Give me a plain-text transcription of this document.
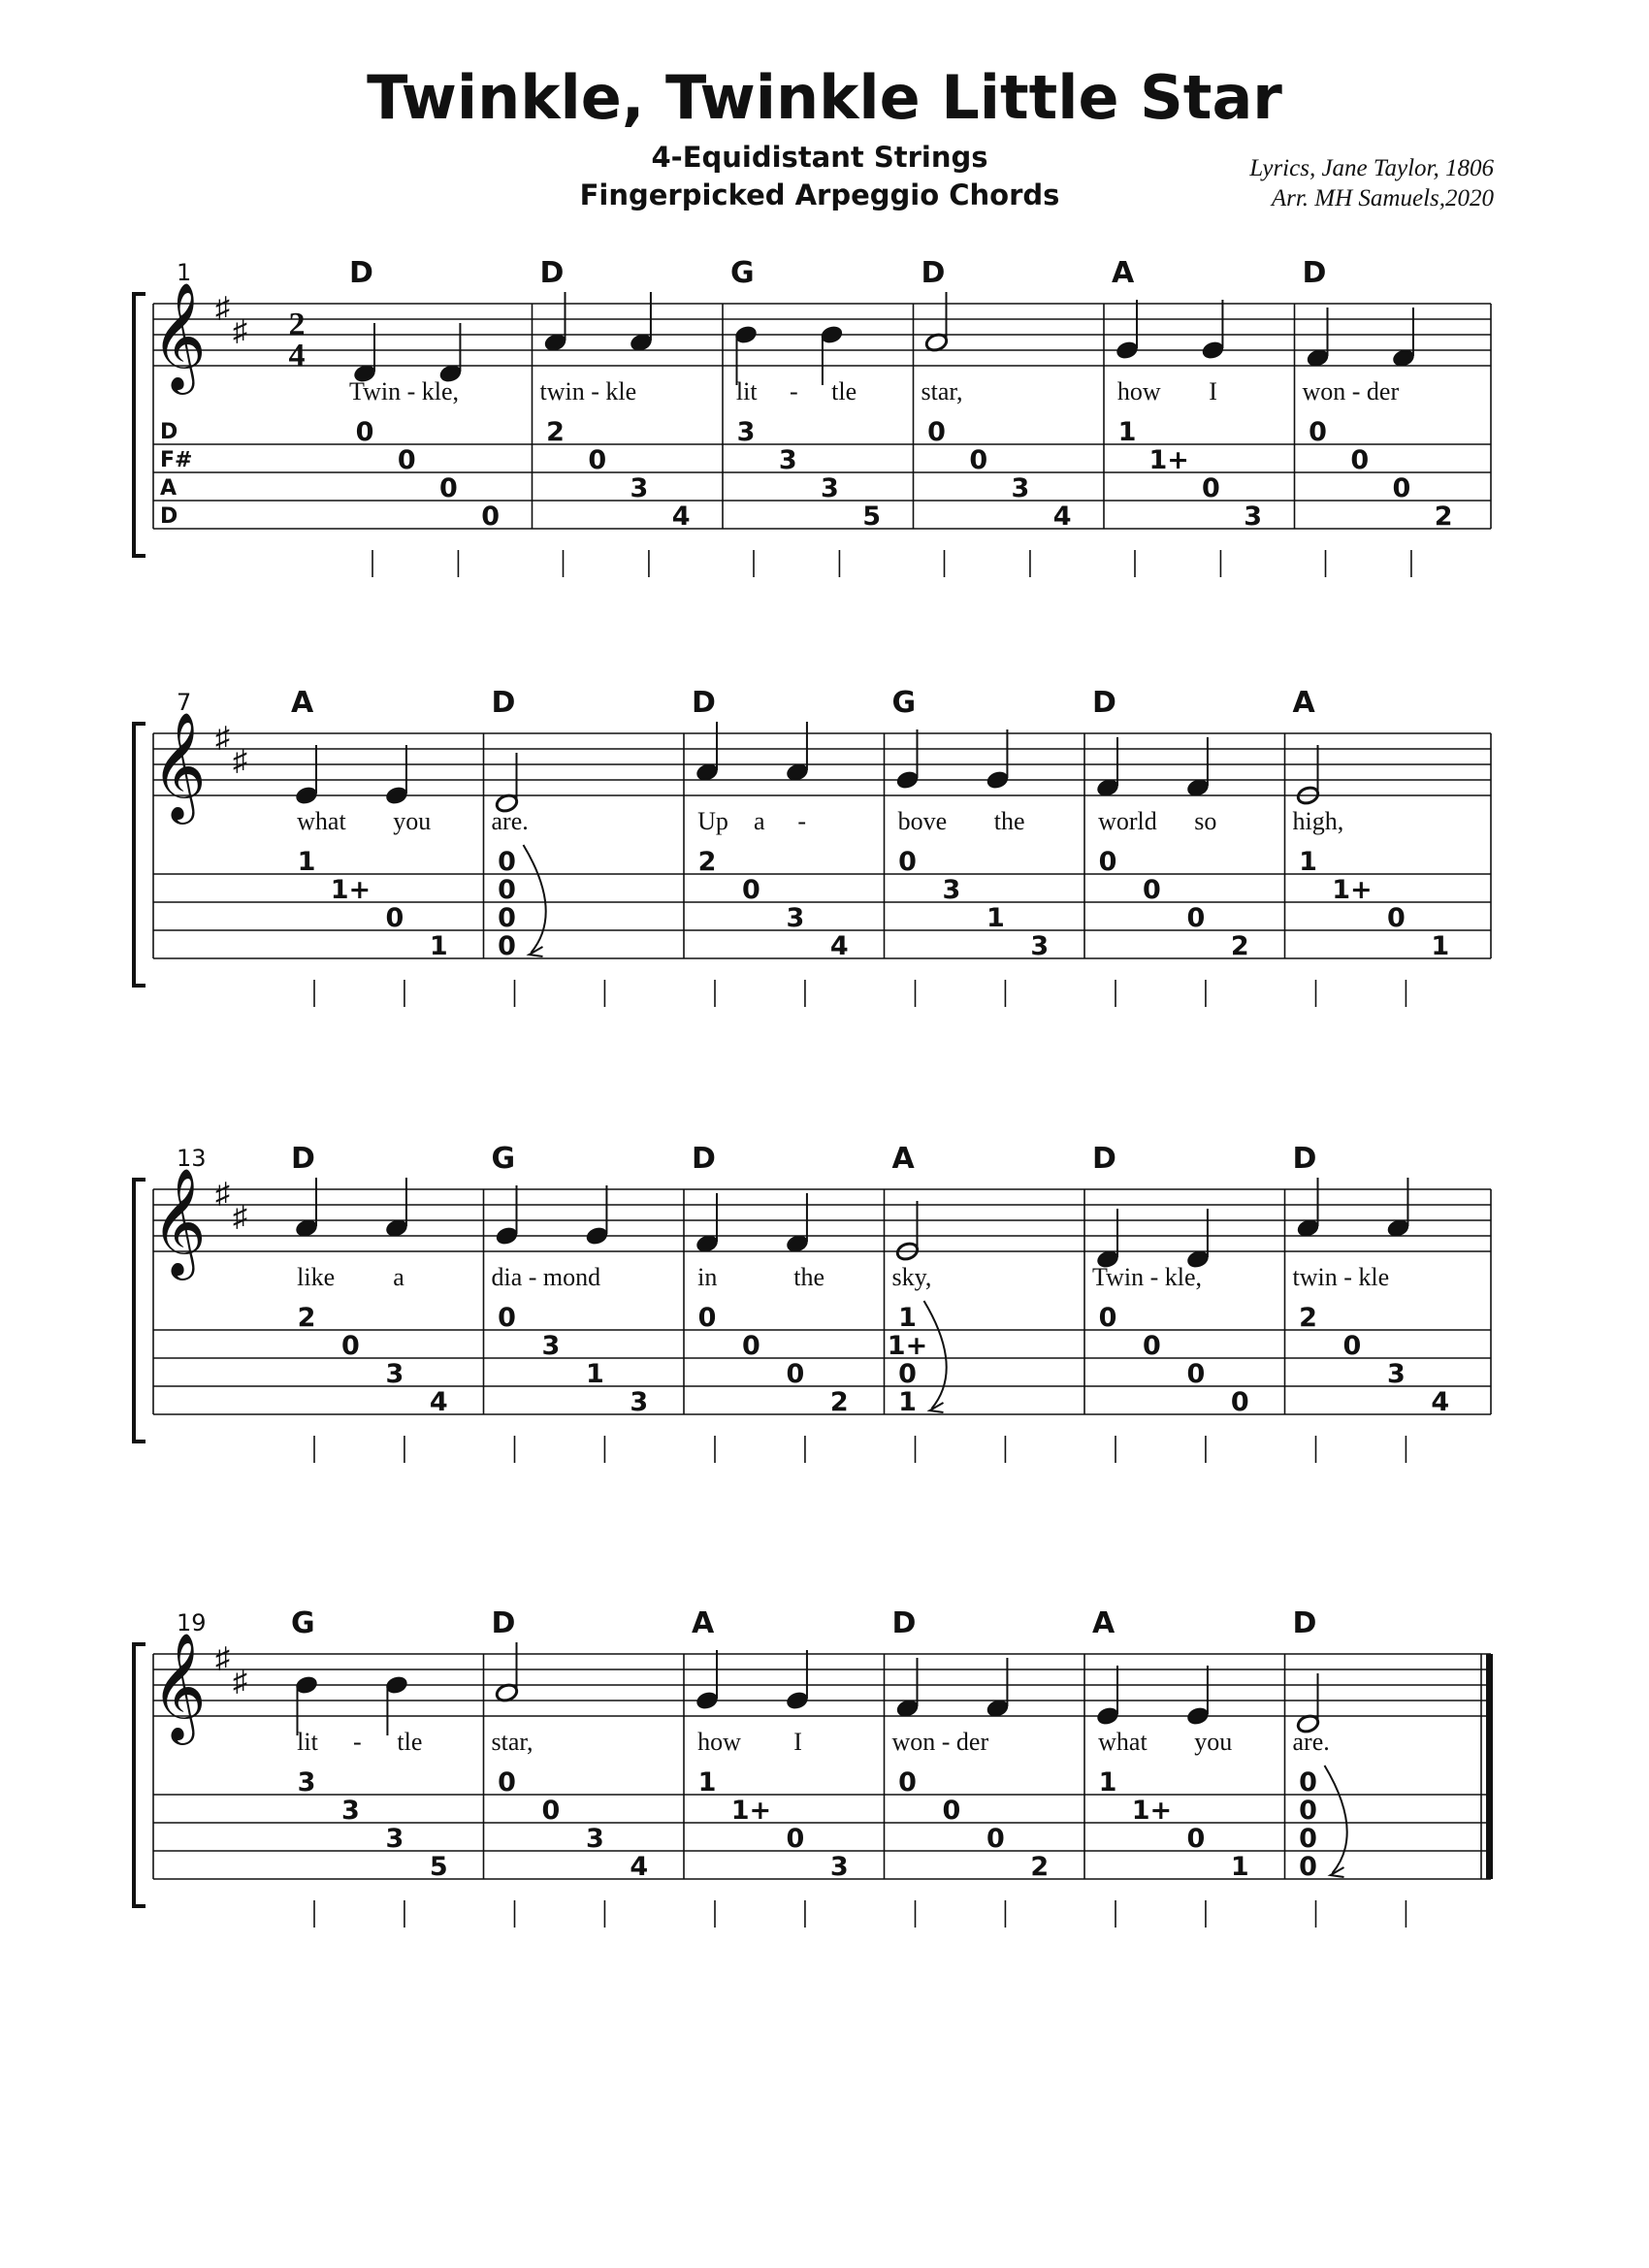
Twinkle, Twinkle Little Star
4-Equidistant Strings
Fingerpicked Arpeggio Chords
Lyrics, Jane Taylor, 1806
Arr. MH Samuels,2020
1
𝄞 ♯
♯ 2
4
D
F#
A
D
D
Twin - kle,
0
0
0
0
D
twin - kle
2
0
3
4
G
lit - tle
3
3
3
5
D
star,
0
0
3
4
A
how I
1
1+
0
3
D
won - der
0
0
0
2
7
𝄞 ♯
♯
A
what you
1
1+
0
1
D
are.
0
0
0
0
D
Up a -
2
0
3
4
G
bove the
0
3
1
3
D
world so
0
0
0
2
A
high,
1
1+
0
1
13
𝄞 ♯
♯
D
like a
2
0
3
4
G
dia - mond
0
3
1
3
D
in	the
0
0
0
2
A
sky,
1
1+
0
1
D
Twin - kle,
0
0
0
0
D
twin - kle
2
0
3
4
19
𝄞 ♯
♯
G
lit - tle
3
3
3
5
D
star,
0
0
3
4
A
how I
1
1+
0
3
D
won - der
0
0
0
2
A
what you
1
1+
0
1
D
are.
0
0
0
0
